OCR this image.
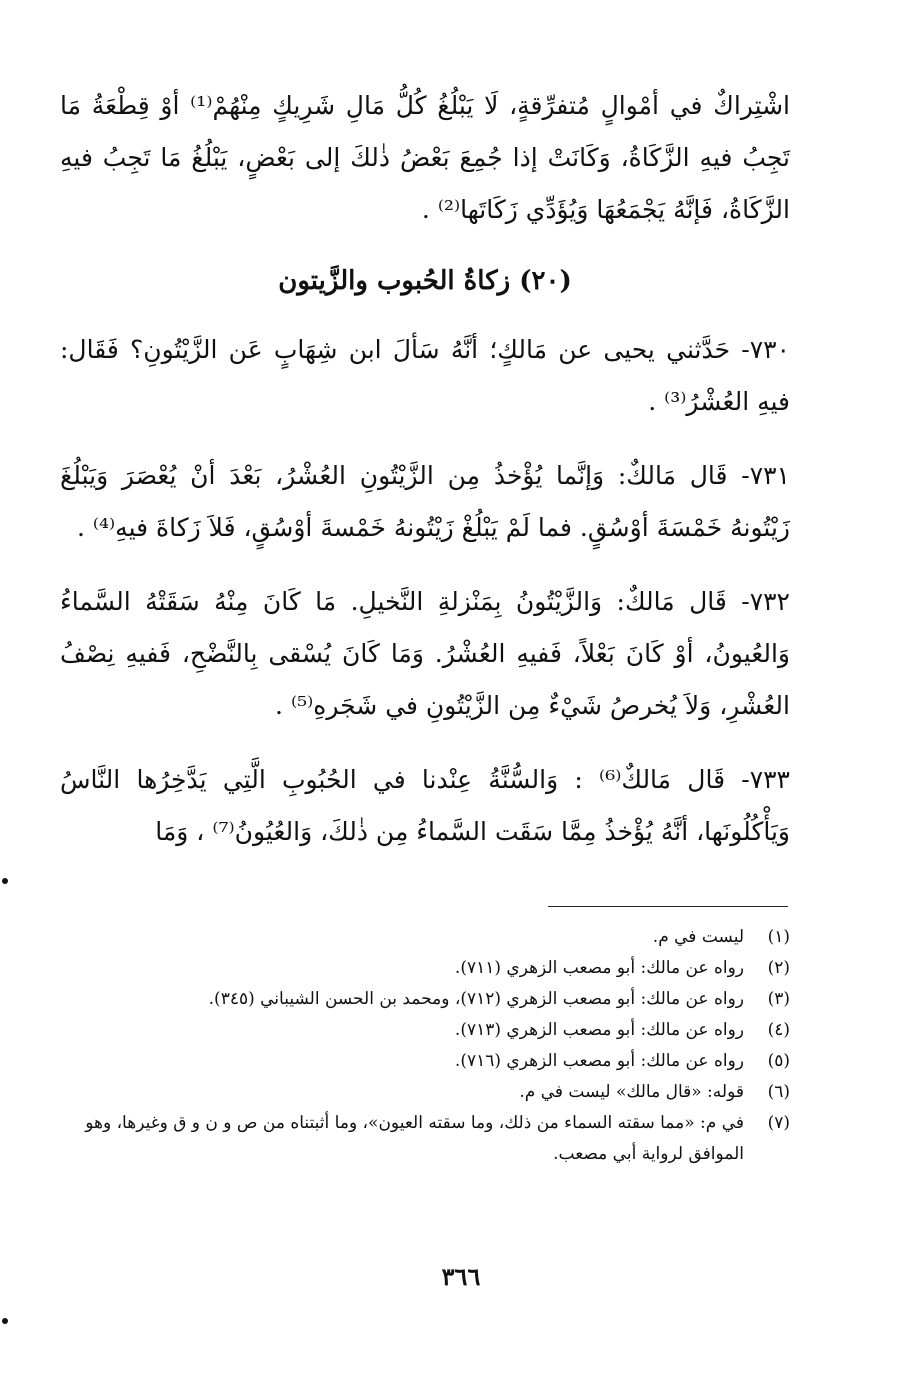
اشْتِراكٌ في أمْوالٍ مُتفرِّقةٍ، لَا يَبْلُغُ كُلُّ مَالِ شَرِيكٍ مِنْهُمْ⁽¹⁾ أوْ قِطْعَةُ مَا تَجِبُ فيهِ الزَّكَاةُ، وَكَانَتْ إذا جُمِعَ بَعْضُ ذٰلكَ إلى بَعْضٍ، يَبْلُغُ مَا تَجِبُ فيهِ الزَّكَاةُ، فَإنَّهُ يَجْمَعُهَا وَيُؤَدِّي زَكَاتَها⁽²⁾ .

(٢٠) زكاةُ الحُبوب والزَّيتون

٧٣٠- حَدَّثني يحيى عن مَالكٍ؛ أنَّهُ سَألَ ابن شِهَابٍ عَن الزَّيْتُونِ؟ فَقَال: فيهِ العُشْرُ⁽³⁾ .

٧٣١- قَال مَالكٌ: وَإنَّما يُؤْخذُ مِن الزَّيْتُونِ العُشْرُ، بَعْدَ أنْ يُعْصَرَ وَيَبْلُغَ زَيْتُونهُ خَمْسَةَ أوْسُقٍ. فما لَمْ يَبْلُغْ زَيْتُونهُ خَمْسةَ أوْسُقٍ، فَلاَ زَكاةَ فيهِ⁽⁴⁾ .

٧٣٢- قَال مَالكٌ: وَالزَّيْتُونُ بِمَنْزلةِ النَّخيلِ. مَا كَانَ مِنْهُ سَقَتْهُ السَّماءُ وَالعُيونُ، أوْ كَانَ بَعْلاً، فَفيهِ العُشْرُ. وَمَا كَانَ يُسْقى بِالنَّضْحِ، فَفيهِ نِصْفُ العُشْرِ، وَلاَ يُخرصُ شَيْءٌ مِن الزَّيْتُونِ في شَجَرهِ⁽⁵⁾ .

٧٣٣- قَال مَالكٌ⁽⁶⁾ : وَالسُّنَّةُ عِنْدنا في الحُبُوبِ الَّتِي يَدَّخِرُها النَّاسُ وَيَأْكُلُونَها، أنَّهُ يُؤْخذُ مِمَّا سَقَت السَّماءُ مِن ذٰلكَ، وَالعُيُونُ⁽⁷⁾ ، وَمَا

(١)
ليست في م.
(٢)
رواه عن مالك: أبو مصعب الزهري (٧١١).
(٣)
رواه عن مالك: أبو مصعب الزهري (٧١٢)، ومحمد بن الحسن الشيباني (٣٤٥).
(٤)
رواه عن مالك: أبو مصعب الزهري (٧١٣).
(٥)
رواه عن مالك: أبو مصعب الزهري (٧١٦).
(٦)
قوله: «قال مالك» ليست في م.
(٧)
في م: «مما سقته السماء من ذلك، وما سقته العيون»، وما أثبتناه من ص و ن و ق وغيرها، وهو الموافق لرواية أبي مصعب.
٣٦٦
